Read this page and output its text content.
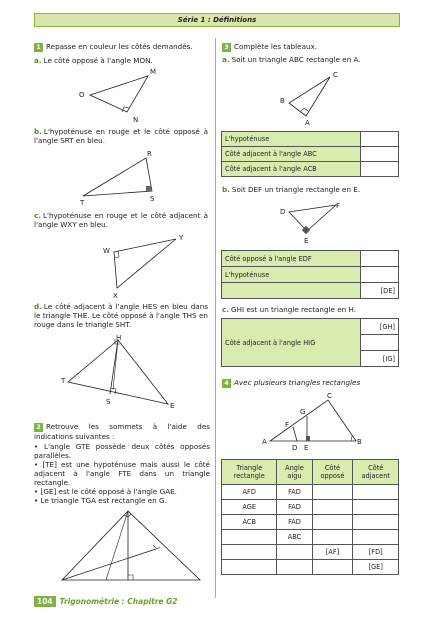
Série 1 : Définitions
1 Repasse en couleur les côtés demandés.
a. Le côté opposé à l'angle MON.
O
M
N
b. L'hypoténuse en rouge et le côté opposé à l'angle SRT en bleu.
R
T	S
c. L'hypoténuse en rouge et le côté adjacent à l'angle WXY en bleu.
W
Y
X
d. Le côté adjacent à l'angle HES en bleu dans le triangle THE. Le côté opposé à l'angle THS en rouge dans le triangle SHT.
H
T
S	E
2 Retrouve les sommets à l'aide des indications suivantes :
• L'angle GTE possède deux côtés opposés parallèles.
• [TE] est une hypoténuse mais aussi le côté adjacent à l'angle FTE dans un triangle rectangle.
• [GE] est le côté opposé à l'angle GAE.
• Le triangle TGA est rectangle en G.
3 Complète les tableaux.
a. Soit un triangle ABC rectangle en A.
C
B
A
L'hypoténuse	
Côté adjacent à l'angle ABC	
Côté adjacent à l'angle ACB	
b. Soit DEF un triangle rectangle en E.
D
F
E
Côté opposé à l'angle EDF	
L'hypoténuse	
	[DE]
c. GHI est un triangle rectangle en H.
Côté adjacent à l'angle HIG	[GH]

[IG]
4 Avec plusieurs triangles rectangles
C
G
F
A
D E
B
Triangle rectangle	Angle aigu	Côté opposé	Côté adjacent
AFD	FAD		
AGE	FAD		
ACB	FAD		
	ABC		
		[AF]	[FD]
			[GE]
104 Trigonométrie : Chapitre G2
